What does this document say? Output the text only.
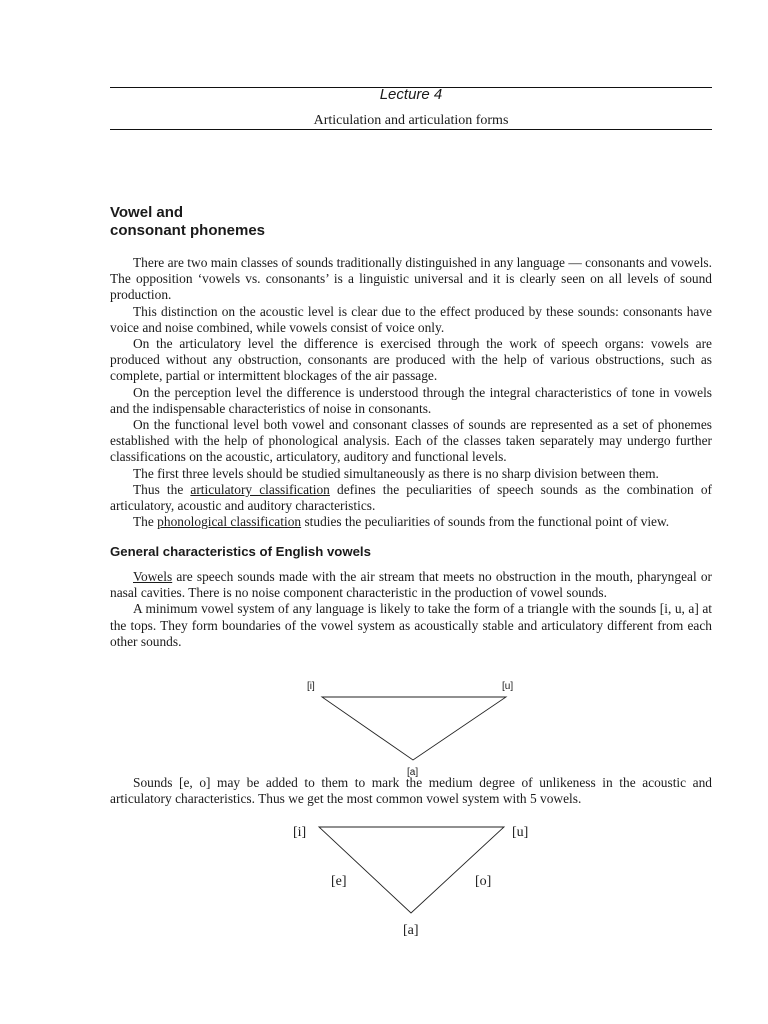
Lecture 4
Articulation and articulation forms
Vowel and
consonant phonemes

There are two main classes of sounds traditionally distinguished in any language — consonants and vowels. The opposition ‘vowels vs. consonants’ is a linguistic universal and it is clearly seen on all levels of sound production.

This distinction on the acoustic level is clear due to the effect produced by these sounds: consonants have voice and noise combined, while vowels consist of voice only.

On the articulatory level the difference is exercised through the work of speech organs: vowels are produced without any obstruction, consonants are produced with the help of various obstructions, such as complete, partial or intermittent blockages of the air passage.

On the perception level the difference is understood through the integral characteristics of tone in vowels and the indispensable characteristics of noise in consonants.

On the functional level both vowel and consonant classes of sounds are represented as a set of phonemes established with the help of phonological analysis. Each of the classes taken separately may undergo further classifications on the acoustic, articulatory, auditory and functional levels.

The first three levels should be studied simultaneously as there is no sharp division between them.

Thus the articulatory classification defines the peculiarities of speech sounds as the combination of articulatory, acoustic and auditory characteristics.

The phonological classification studies the peculiarities of sounds from the functional point of view.

General characteristics of English vowels

Vowels are speech sounds made with the air stream that meets no obstruction in the mouth, pharyngeal or nasal cavities. There is no noise component characteristic in the production of vowel sounds.

A minimum vowel system of any language is likely to take the form of a triangle with the sounds [i, u, a] at the tops. They form boundaries of the vowel system as acoustically stable and articulatory different from each other sounds.

[i]	[u]
[a]

Sounds [e, o] may be added to them to mark the medium degree of unlikeness in the acoustic and articulatory characteristics. Thus we get the most common vowel system with 5 vowels.

[i]	[u]
[e]	[o]
[a]
